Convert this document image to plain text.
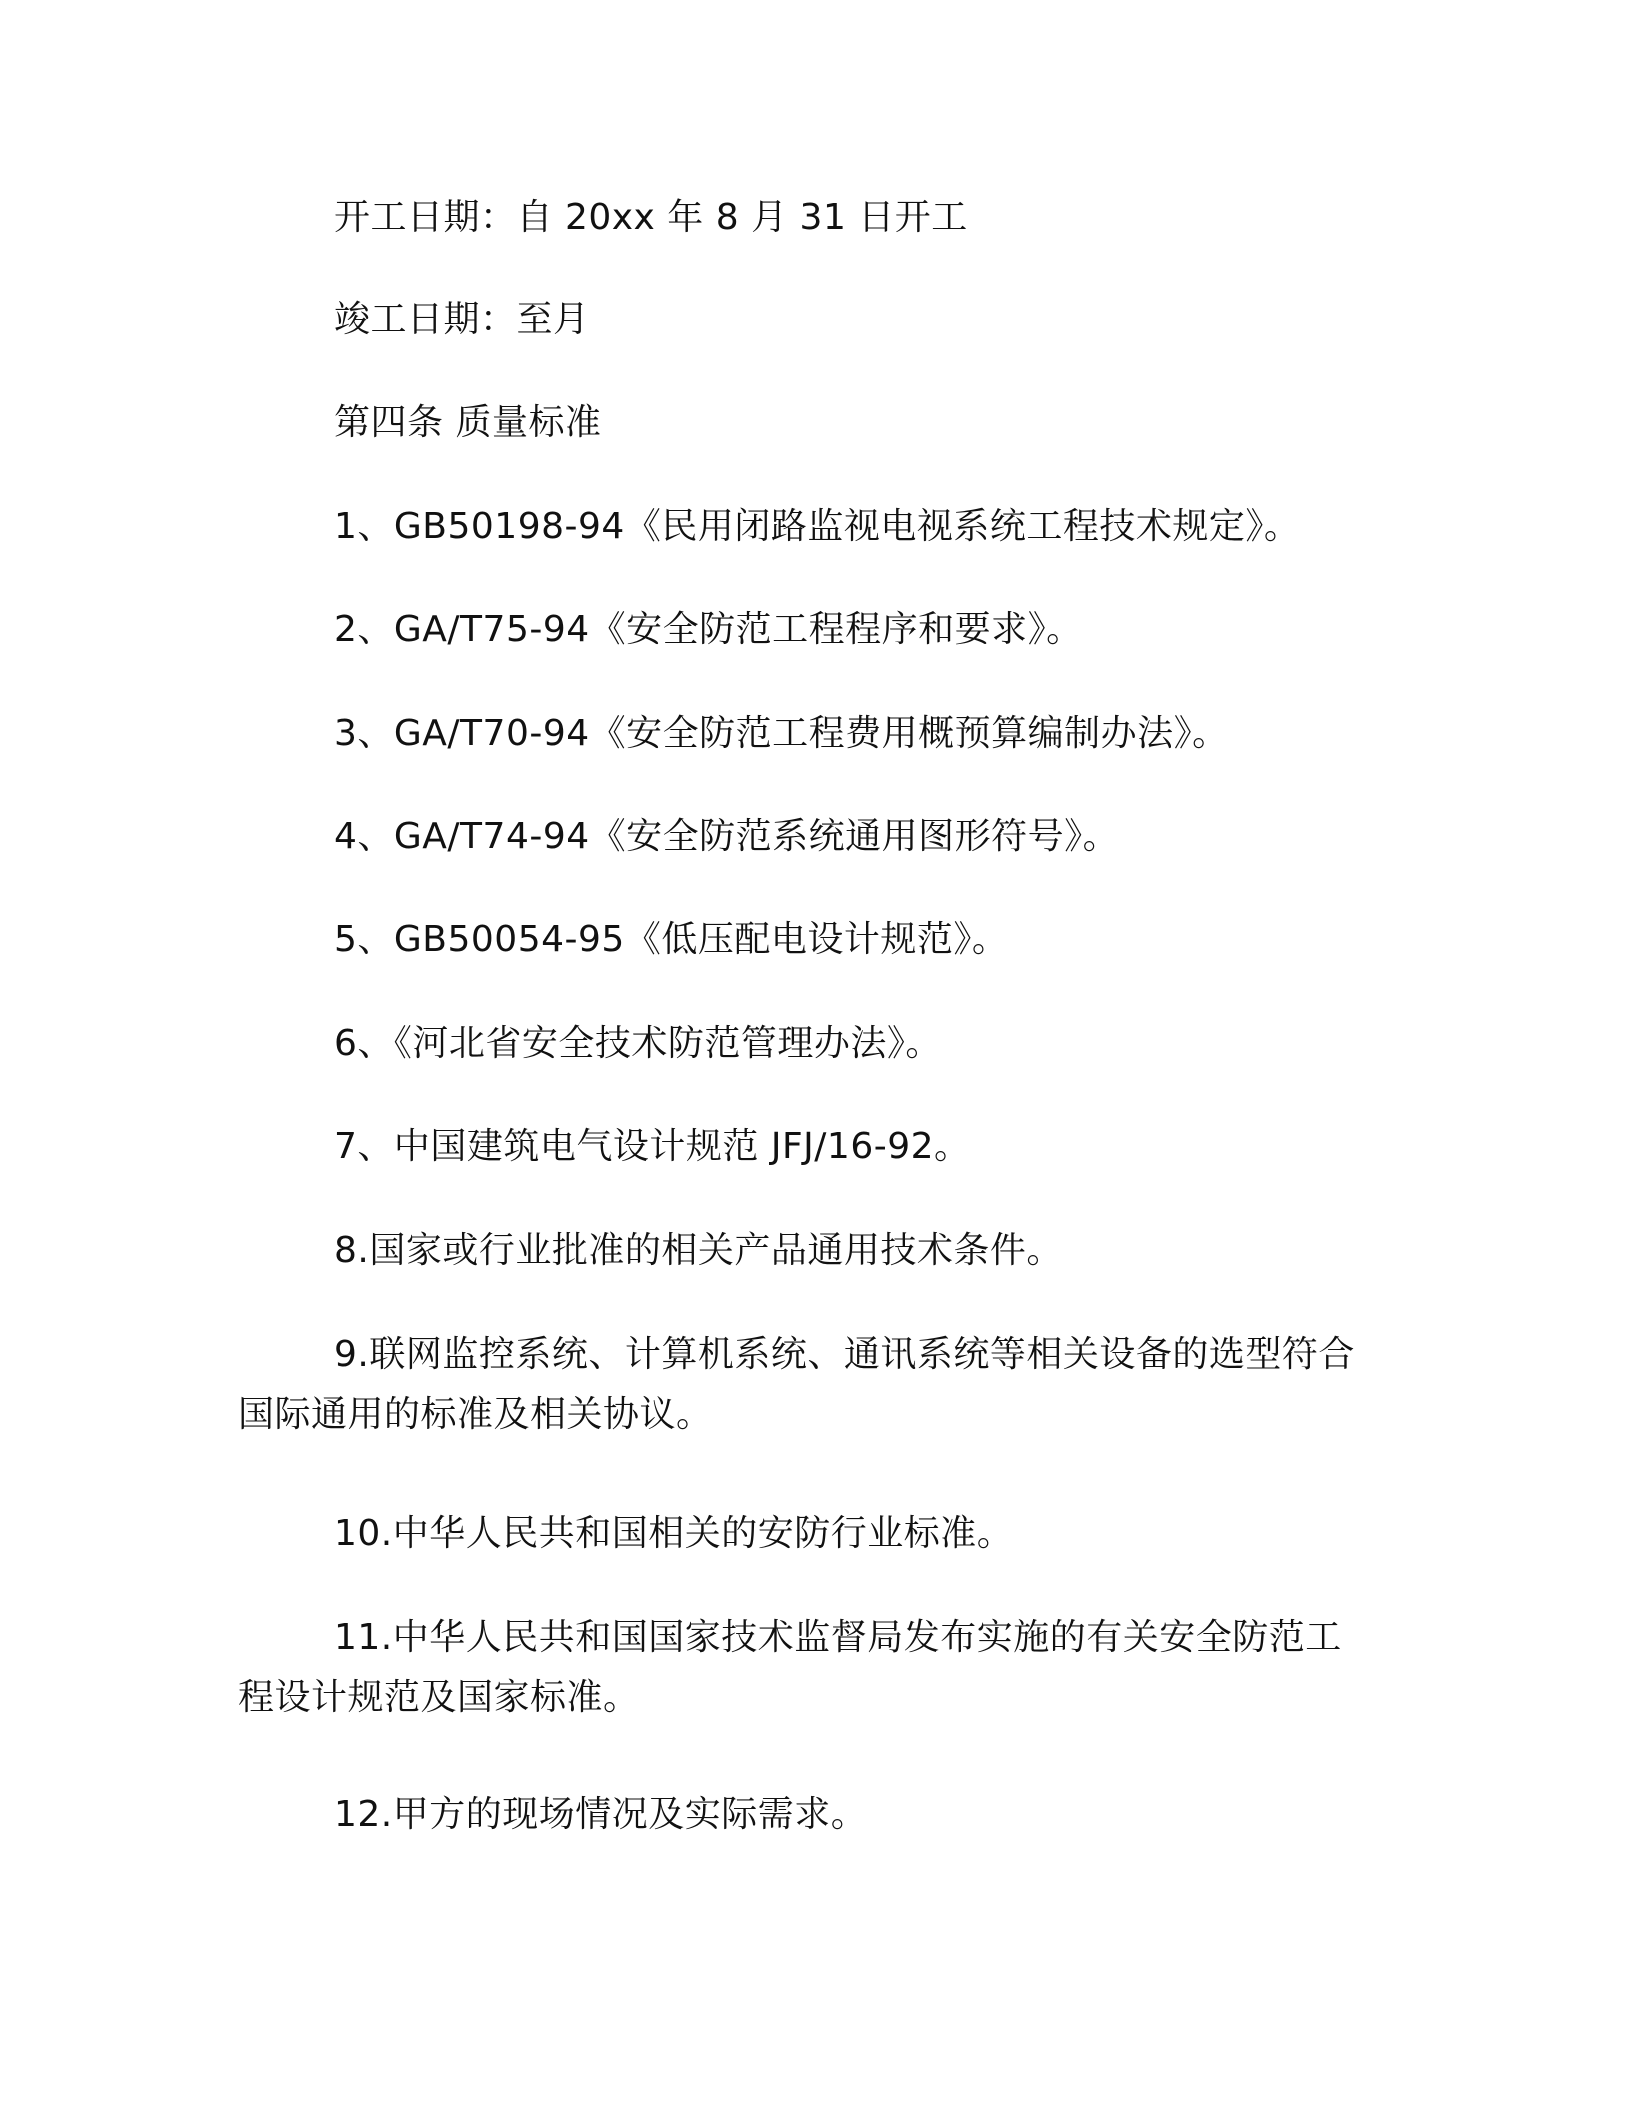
开工日期：自 20xx 年 8 月 31 日开工
竣工日期：至月
第四条 质量标准
1、GB50198-94《民用闭路监视电视系统工程技术规定》。
2、GA/T75-94《安全防范工程程序和要求》。
3、GA/T70-94《安全防范工程费用概预算编制办法》。
4、GA/T74-94《安全防范系统通用图形符号》。
5、GB50054-95《低压配电设计规范》。
6、《河北省安全技术防范管理办法》。
7、中国建筑电气设计规范 JFJ/16-92。
8.国家或行业批准的相关产品通用技术条件。
9.联网监控系统、计算机系统、通讯系统等相关设备的选型符合国际通用的标准及相关协议。
10.中华人民共和国相关的安防行业标准。
11.中华人民共和国国家技术监督局发布实施的有关安全防范工程设计规范及国家标准。
12.甲方的现场情况及实际需求。
